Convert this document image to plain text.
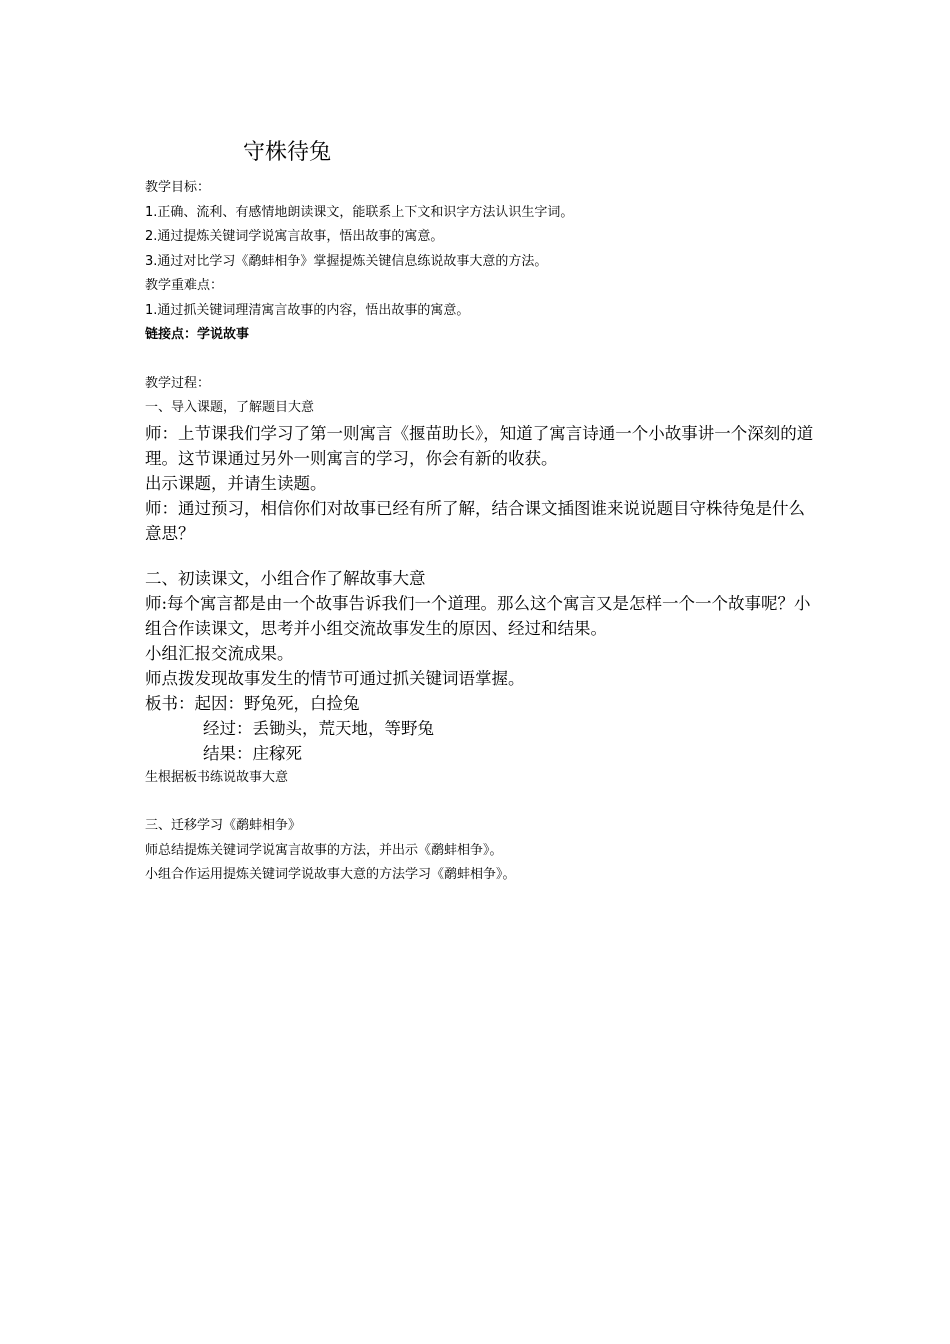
守株待兔
教学目标：
1.正确、流利、有感情地朗读课文，能联系上下文和识字方法认识生字词。
2.通过提炼关键词学说寓言故事，悟出故事的寓意。
3.通过对比学习《鹬蚌相争》掌握提炼关键信息练说故事大意的方法。
教学重难点：
1.通过抓关键词理清寓言故事的内容，悟出故事的寓意。
链接点：学说故事
教学过程：
一、导入课题，了解题目大意
师：上节课我们学习了第一则寓言《揠苗助长》，知道了寓言诗通一个小故事讲一个深刻的道理。这节课通过另外一则寓言的学习，你会有新的收获。
出示课题，并请生读题。
师：通过预习，相信你们对故事已经有所了解，结合课文插图谁来说说题目守株待兔是什么意思？
二、初读课文，小组合作了解故事大意
师:每个寓言都是由一个故事告诉我们一个道理。那么这个寓言又是怎样一个一个故事呢？小组合作读课文，思考并小组交流故事发生的原因、经过和结果。
小组汇报交流成果。
师点拨发现故事发生的情节可通过抓关键词语掌握。
板书：起因：野兔死，白捡兔
经过：丢锄头，荒天地，等野兔
结果：庄稼死
生根据板书练说故事大意
三、迁移学习《鹬蚌相争》
师总结提炼关键词学说寓言故事的方法，并出示《鹬蚌相争》。
小组合作运用提炼关键词学说故事大意的方法学习《鹬蚌相争》。
